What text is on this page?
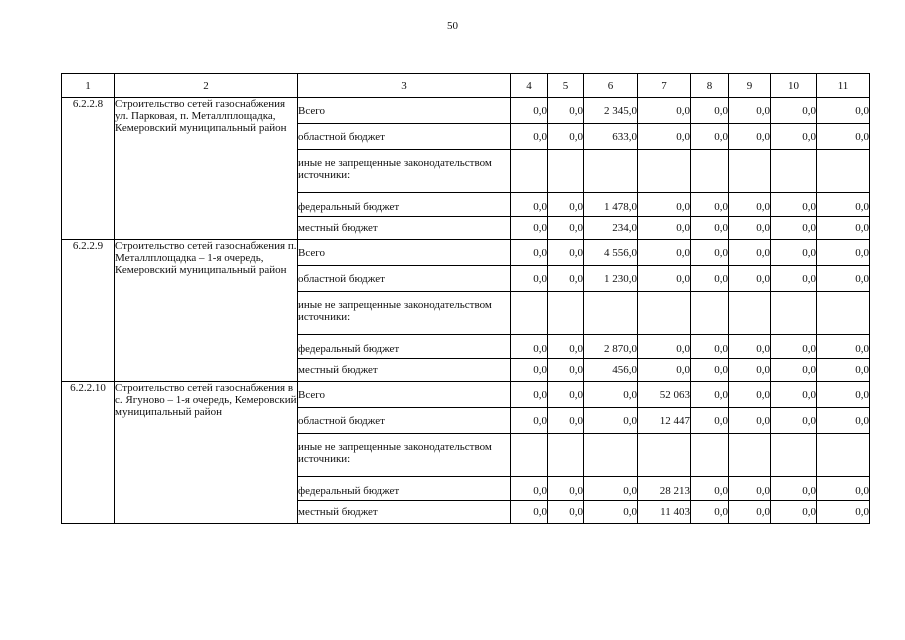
50
1	2	3	4	5	6	7	8	9	10	11
6.2.2.8	Строительство сетей газоснабжения ул. Парковая, п. Металлплощадка, Кемеровский муниципальный район	Всего	0,0	0,0	2 345,0	0,0	0,0	0,0	0,0	0,0
		областной бюджет	0,0	0,0	633,0	0,0	0,0	0,0	0,0	0,0
		иные не запрещенные законодательством источники:								
		федеральный бюджет	0,0	0,0	1 478,0	0,0	0,0	0,0	0,0	0,0
		местный бюджет	0,0	0,0	234,0	0,0	0,0	0,0	0,0	0,0
6.2.2.9	Строительство сетей газоснабжения п. Металлплощадка – 1-я очередь, Кемеровский муниципальный район	Всего	0,0	0,0	4 556,0	0,0	0,0	0,0	0,0	0,0
		областной бюджет	0,0	0,0	1 230,0	0,0	0,0	0,0	0,0	0,0
		иные не запрещенные законодательством источники:								
		федеральный бюджет	0,0	0,0	2 870,0	0,0	0,0	0,0	0,0	0,0
		местный бюджет	0,0	0,0	456,0	0,0	0,0	0,0	0,0	0,0
6.2.2.10	Строительство сетей газоснабжения в с. Ягуново – 1-я очередь, Кемеровский муниципальный район	Всего	0,0	0,0	0,0	52 063	0,0	0,0	0,0	0,0
		областной бюджет	0,0	0,0	0,0	12 447	0,0	0,0	0,0	0,0
		иные не запрещенные законодательством источники:								
		федеральный бюджет	0,0	0,0	0,0	28 213	0,0	0,0	0,0	0,0
		местный бюджет	0,0	0,0	0,0	11 403	0,0	0,0	0,0	0,0
